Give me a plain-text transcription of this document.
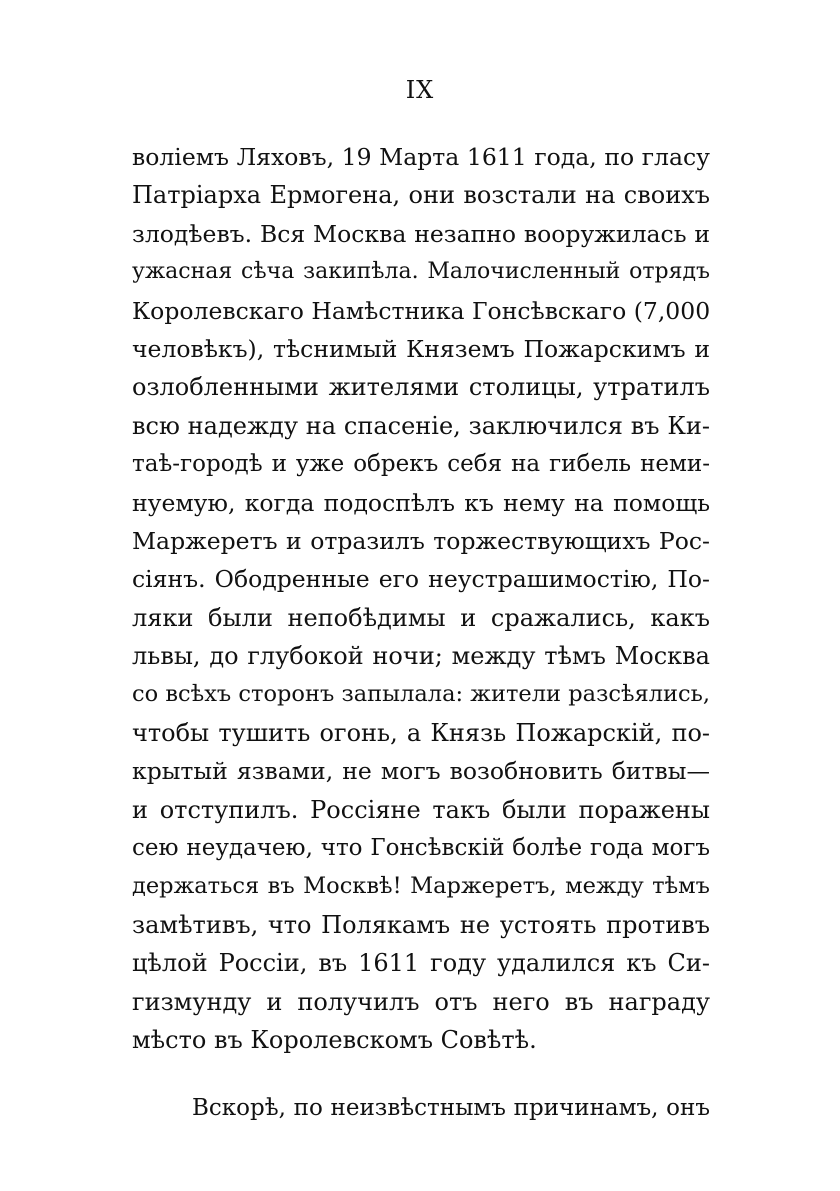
IX
воліемъ Ляховъ, 19 Марта 1611 года, по гласу
Патріарха Ермогена, они возстали на своихъ
злодѣевъ. Вся Москва незапно вооружилась и
ужасная сѣча закипѣла. Малочисленный отрядъ
Королевскаго Намѣстника Гонсѣвскаго (7,000
человѣкъ), тѣснимый Княземъ Пожарскимъ и
озлобленными жителями столицы, утратилъ
всю надежду на спасеніе, заключился въ Ки-
таѣ-городѣ и уже обрекъ себя на гибель неми-
нуемую, когда подоспѣлъ къ нему на помощь
Маржеретъ и отразилъ торжествующихъ Рос-
сіянъ. Ободренные его неустрашимостію, По-
ляки были непобѣдимы и сражались, какъ
львы, до глубокой ночи; между тѣмъ Москва
со всѣхъ сторонъ запылала: жители разсѣялись,
чтобы тушить огонь, а Князь Пожарскій, по-
крытый язвами, не могъ возобновить битвы—
и отступилъ. Россіяне такъ были поражены
сею неудачею, что Гонсѣвскій болѣе года могъ
держаться въ Москвѣ! Маржеретъ, между тѣмъ
замѣтивъ, что Полякамъ не устоять противъ
цѣлой Россіи, въ 1611 году удалился къ Си-
гизмунду и получилъ отъ него въ награду
мѣсто въ Королевскомъ Совѣтѣ.
Вскорѣ, по неизвѣстнымъ причинамъ, онъ
